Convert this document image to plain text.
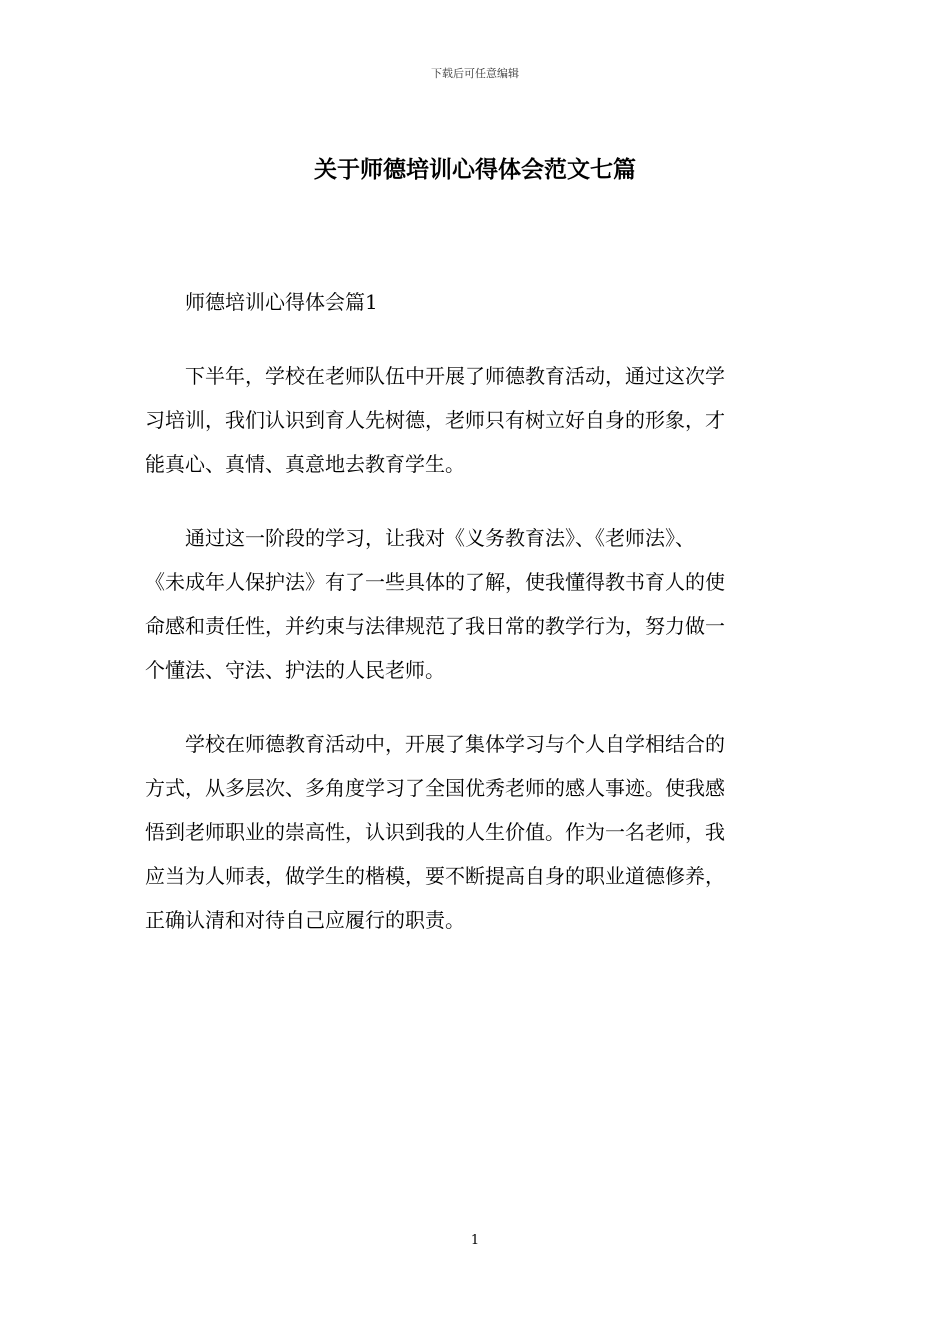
下载后可任意编辑
关于师德培训心得体会范文七篇

师德培训心得体会篇1

下半年，学校在老师队伍中开展了师德教育活动，通过这次学
习培训，我们认识到育人先树德，老师只有树立好自身的形象，才
能真心、真情、真意地去教育学生。

通过这一阶段的学习，让我对《义务教育法》、《老师法》、
《未成年人保护法》有了一些具体的了解，使我懂得教书育人的使
命感和责任性，并约束与法律规范了我日常的教学行为，努力做一
个懂法、守法、护法的人民老师。

学校在师德教育活动中，开展了集体学习与个人自学相结合的
方式，从多层次、多角度学习了全国优秀老师的感人事迹。使我感
悟到老师职业的崇高性，认识到我的人生价值。作为一名老师，我
应当为人师表，做学生的楷模，要不断提高自身的职业道德修养，
正确认清和对待自己应履行的职责。

1
